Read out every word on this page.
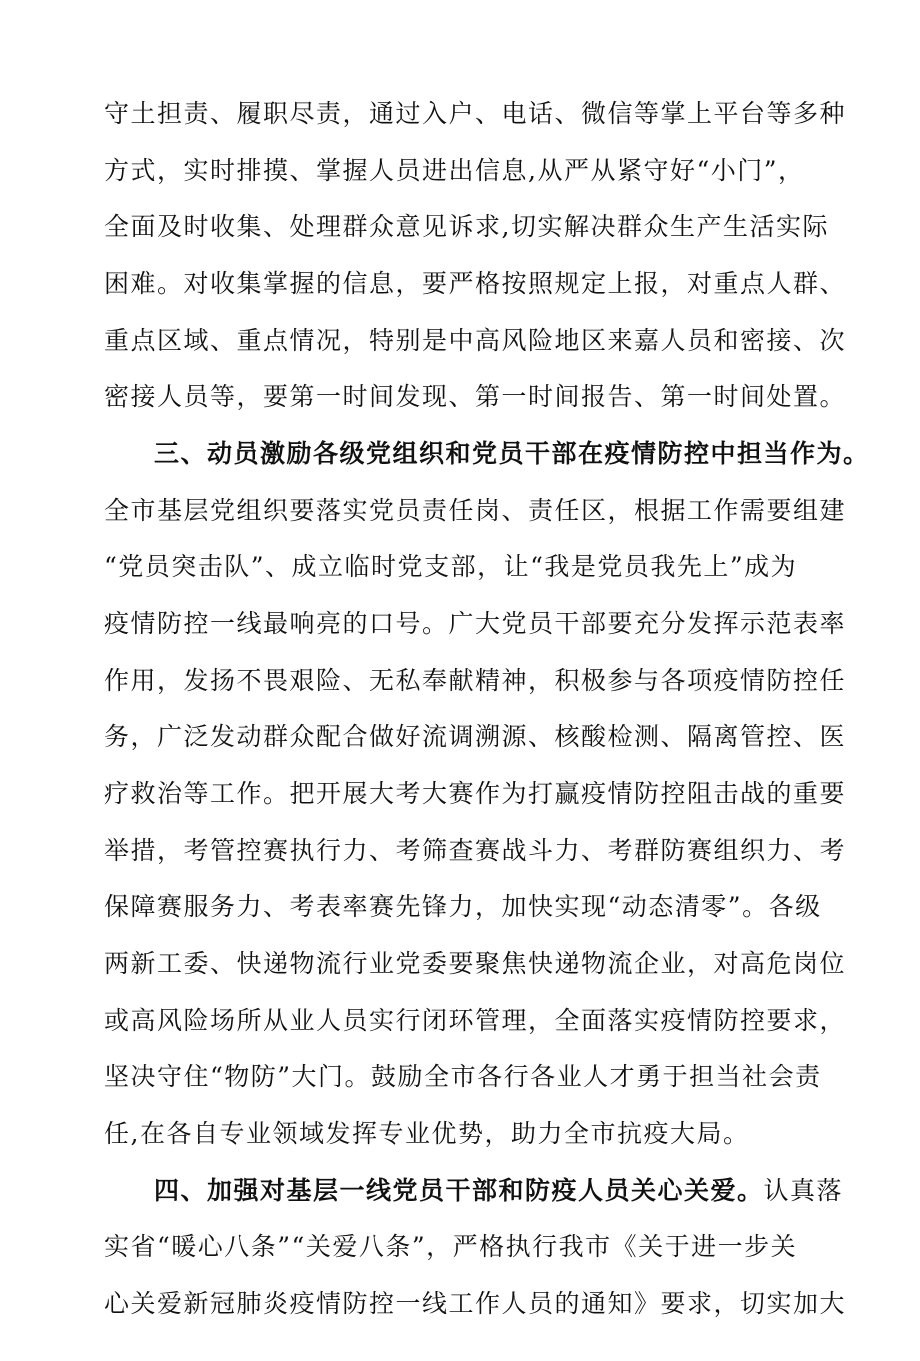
守土担责、履职尽责，通过入户、电话、微信等掌上平台等多种
方式，实时排摸、掌握人员进出信息,从严从紧守好“小门”，
全面及时收集、处理群众意见诉求,切实解决群众生产生活实际
困难。对收集掌握的信息，要严格按照规定上报，对重点人群、
重点区域、重点情况，特别是中高风险地区来嘉人员和密接、次
密接人员等，要第一时间发现、第一时间报告、第一时间处置。
三、动员激励各级党组织和党员干部在疫情防控中担当作为。
全市基层党组织要落实党员责任岗、责任区，根据工作需要组建
“党员突击队”、成立临时党支部，让“我是党员我先上”成为
疫情防控一线最响亮的口号。广大党员干部要充分发挥示范表率
作用，发扬不畏艰险、无私奉献精神，积极参与各项疫情防控任
务，广泛发动群众配合做好流调溯源、核酸检测、隔离管控、医
疗救治等工作。把开展大考大赛作为打赢疫情防控阻击战的重要
举措，考管控赛执行力、考筛查赛战斗力、考群防赛组织力、考
保障赛服务力、考表率赛先锋力，加快实现“动态清零”。各级
两新工委、快递物流行业党委要聚焦快递物流企业，对高危岗位
或高风险场所从业人员实行闭环管理，全面落实疫情防控要求，
坚决守住“物防”大门。鼓励全市各行各业人才勇于担当社会责
任,在各自专业领域发挥专业优势，助力全市抗疫大局。
四、加强对基层一线党员干部和防疫人员关心关爱。认真落
实省“暖心八条”“关爱八条”，严格执行我市《关于进一步关
心关爱新冠肺炎疫情防控一线工作人员的通知》要求，切实加大
